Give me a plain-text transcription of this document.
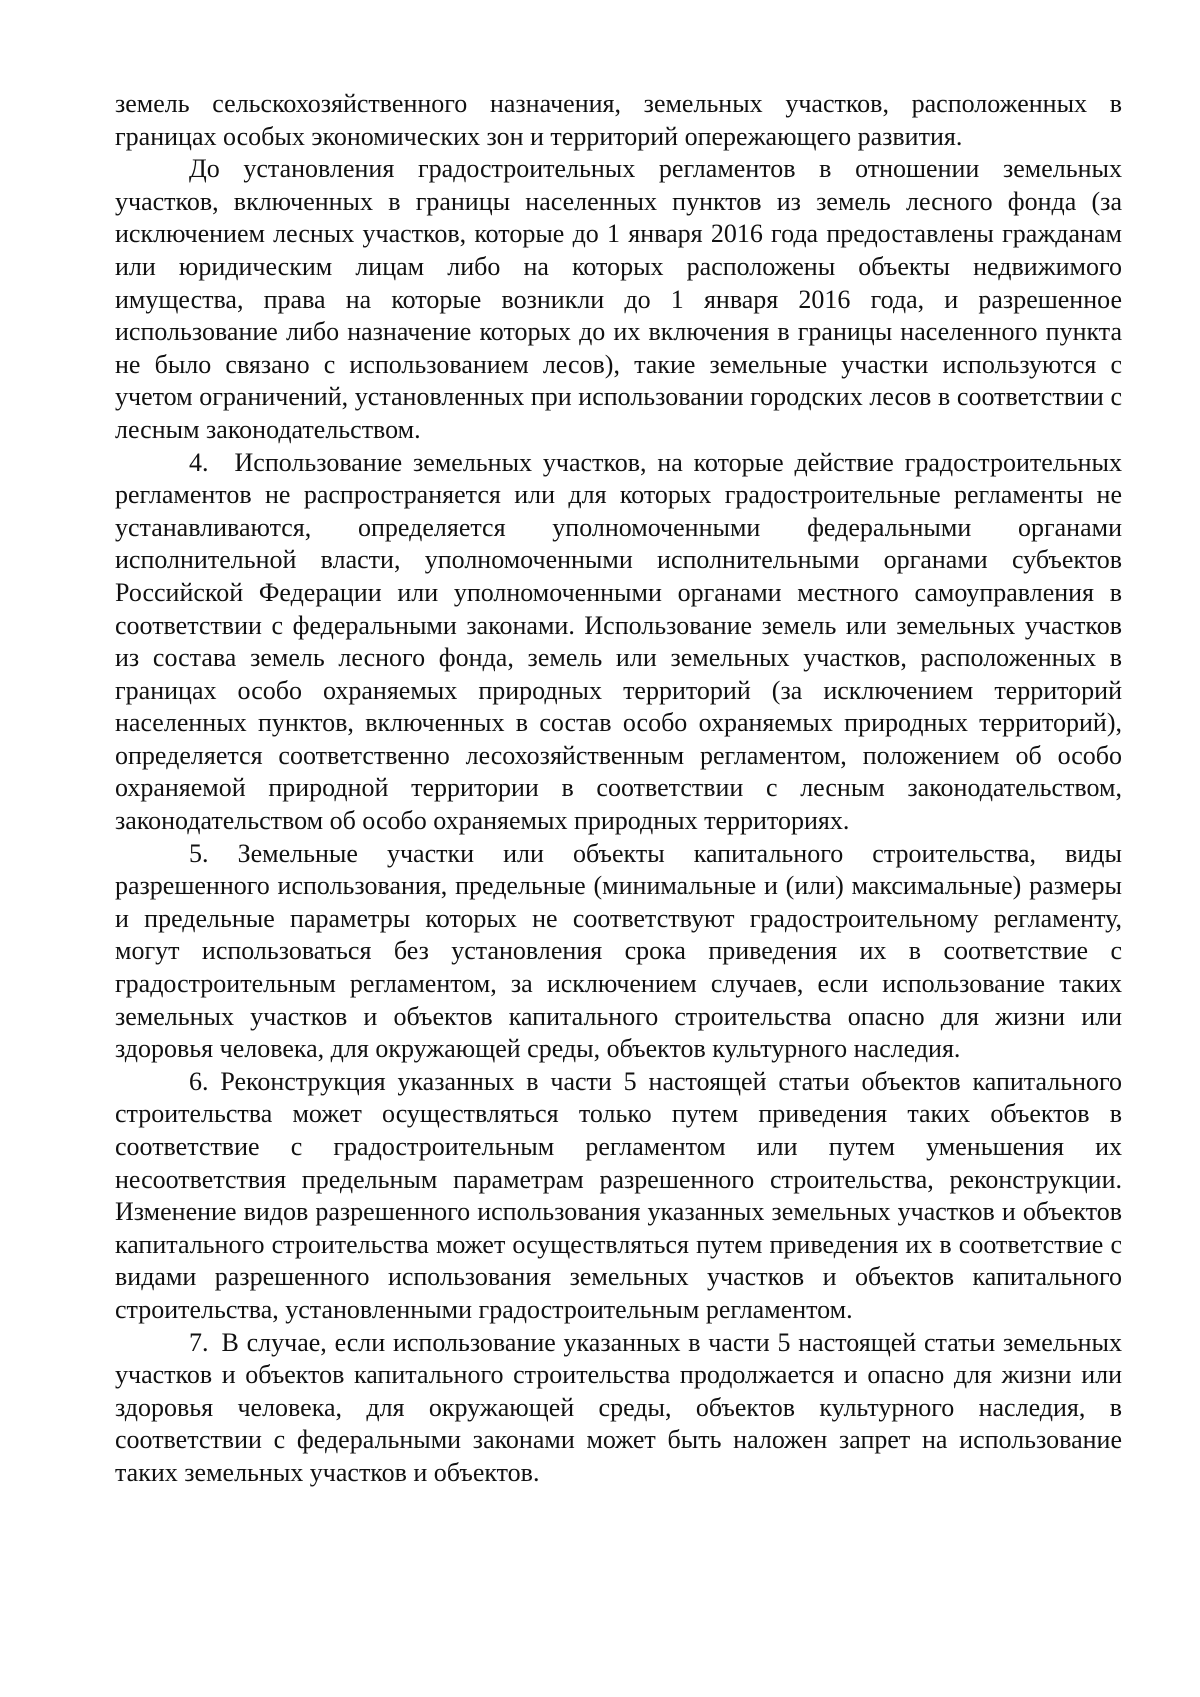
земель сельскохозяйственного назначения, земельных участков, расположенных в границах особых экономических зон и территорий опережающего развития.

До установления градостроительных регламентов в отношении земельных участков, включенных в границы населенных пунктов из земель лесного фонда (за исключением лесных участков, которые до 1 января 2016 года предоставлены гражданам или юридическим лицам либо на которых расположены объекты недвижимого имущества, права на которые возникли до 1 января 2016 года, и разрешенное использование либо назначение которых до их включения в границы населенного пункта не было связано с использованием лесов), такие земельные участки используются с учетом ограничений, установленных при использовании городских лесов в соответствии с лесным законодательством.

4. Использование земельных участков, на которые действие градостроительных регламентов не распространяется или для которых градостроительные регламенты не устанавливаются, определяется уполномоченными федеральными органами исполнительной власти, уполномоченными исполнительными органами субъектов Российской Федерации или уполномоченными органами местного самоуправления в соответствии с федеральными законами. Использование земель или земельных участков из состава земель лесного фонда, земель или земельных участков, расположенных в границах особо охраняемых природных территорий (за исключением территорий населенных пунктов, включенных в состав особо охраняемых природных территорий), определяется соответственно лесохозяйственным регламентом, положением об особо охраняемой природной территории в соответствии с лесным законодательством, законодательством об особо охраняемых природных территориях.

5. Земельные участки или объекты капитального строительства, виды разрешенного использования, предельные (минимальные и (или) максимальные) размеры и предельные параметры которых не соответствуют градостроительному регламенту, могут использоваться без установления срока приведения их в соответствие с градостроительным регламентом, за исключением случаев, если использование таких земельных участков и объектов капитального строительства опасно для жизни или здоровья человека, для окружающей среды, объектов культурного наследия.

6. Реконструкция указанных в части 5 настоящей статьи объектов капитального строительства может осуществляться только путем приведения таких объектов в соответствие с градостроительным регламентом или путем уменьшения их несоответствия предельным параметрам разрешенного строительства, реконструкции. Изменение видов разрешенного использования указанных земельных участков и объектов капитального строительства может осуществляться путем приведения их в соответствие с видами разрешенного использования земельных участков и объектов капитального строительства, установленными градостроительным регламентом.

7. В случае, если использование указанных в части 5 настоящей статьи земельных участков и объектов капитального строительства продолжается и опасно для жизни или здоровья человека, для окружающей среды, объектов культурного наследия, в соответствии с федеральными законами может быть наложен запрет на использование таких земельных участков и объектов.
